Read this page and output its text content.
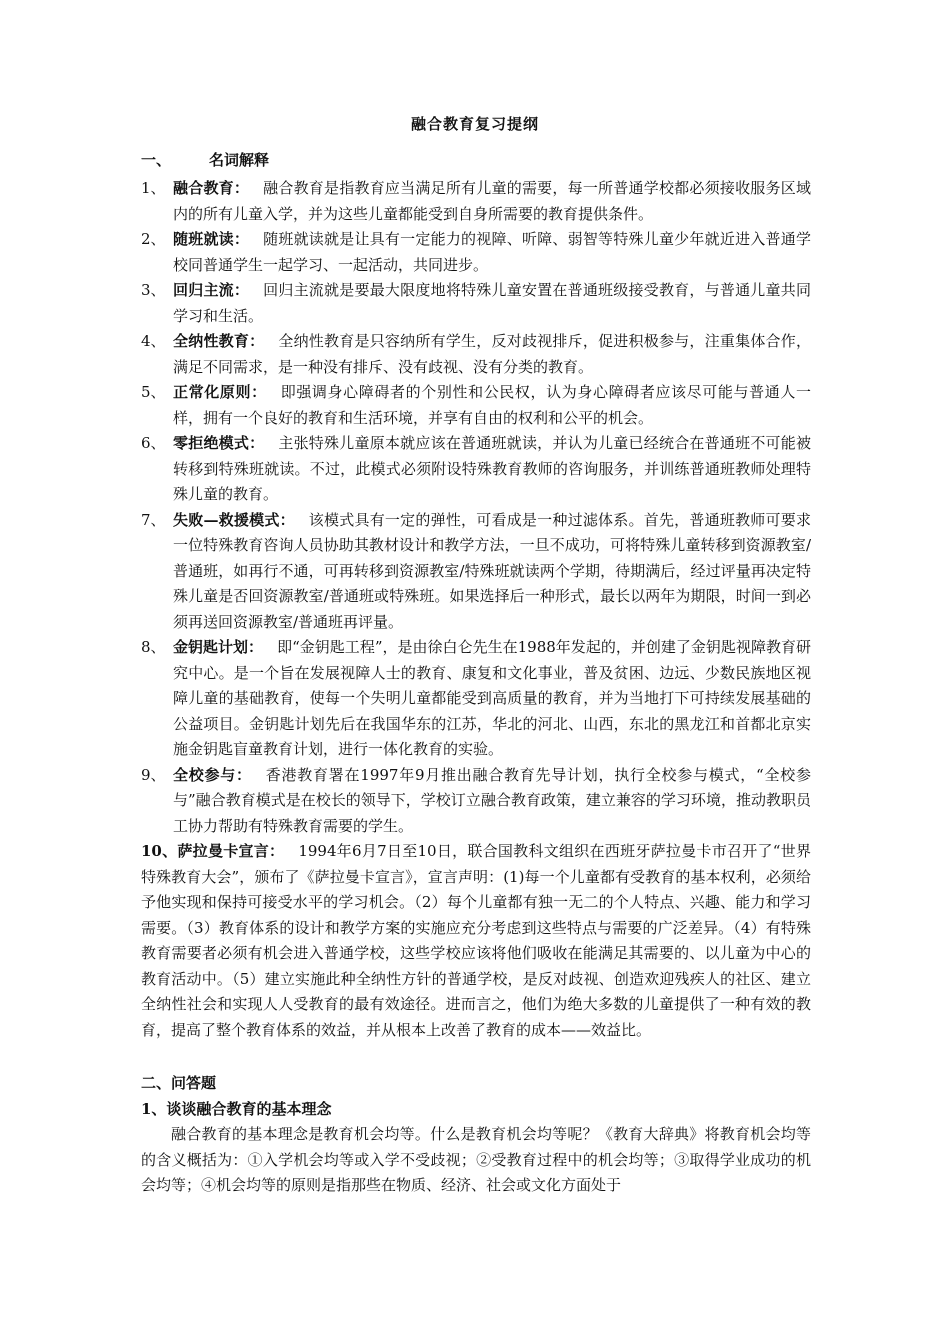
融合教育复习提纲
一、	名词解释
1、 融合教育： 融合教育是指教育应当满足所有儿童的需要，每一所普通学校都必须接收服务区域内的所有儿童入学，并为这些儿童都能受到自身所需要的教育提供条件。
2、 随班就读： 随班就读就是让具有一定能力的视障、听障、弱智等特殊儿童少年就近进入普通学校同普通学生一起学习、一起活动，共同进步。
3、 回归主流： 回归主流就是要最大限度地将特殊儿童安置在普通班级接受教育，与普通儿童共同学习和生活。
4、 全纳性教育： 全纳性教育是只容纳所有学生，反对歧视排斥，促进积极参与，注重集体合作，满足不同需求，是一种没有排斥、没有歧视、没有分类的教育。
5、 正常化原则： 即强调身心障碍者的个别性和公民权，认为身心障碍者应该尽可能与普通人一样，拥有一个良好的教育和生活环境，并享有自由的权利和公平的机会。
6、 零拒绝模式： 主张特殊儿童原本就应该在普通班就读，并认为儿童已经统合在普通班不可能被转移到特殊班就读。不过，此模式必须附设特殊教育教师的咨询服务，并训练普通班教师处理特殊儿童的教育。
7、 失败—救援模式： 该模式具有一定的弹性，可看成是一种过滤体系。首先，普通班教师可要求一位特殊教育咨询人员协助其教材设计和教学方法，一旦不成功，可将特殊儿童转移到资源教室/普通班，如再行不通，可再转移到资源教室/特殊班就读两个学期，待期满后，经过评量再决定特殊儿童是否回资源教室/普通班或特殊班。如果选择后一种形式，最长以两年为期限，时间一到必须再送回资源教室/普通班再评量。
8、 金钥匙计划： 即“金钥匙工程”，是由徐白仑先生在1988年发起的，并创建了金钥匙视障教育研究中心。是一个旨在发展视障人士的教育、康复和文化事业，普及贫困、边远、少数民族地区视障儿童的基础教育，使每一个失明儿童都能受到高质量的教育，并为当地打下可持续发展基础的公益项目。金钥匙计划先后在我国华东的江苏，华北的河北、山西，东北的黑龙江和首都北京实施金钥匙盲童教育计划，进行一体化教育的实验。
9、 全校参与： 香港教育署在1997年9月推出融合教育先导计划，执行全校参与模式，“全校参与”融合教育模式是在校长的领导下，学校订立融合教育政策，建立兼容的学习环境，推动教职员工协力帮助有特殊教育需要的学生。
10、萨拉曼卡宣言： 1994年6月7日至10日，联合国教科文组织在西班牙萨拉曼卡市召开了“世界特殊教育大会”，颁布了《萨拉曼卡宣言》，宣言声明：(1)每一个儿童都有受教育的基本权利，必须给予他实现和保持可接受水平的学习机会。（2）每个儿童都有独一无二的个人特点、兴趣、能力和学习需要。（3）教育体系的设计和教学方案的实施应充分考虑到这些特点与需要的广泛差异。（4）有特殊教育需要者必须有机会进入普通学校，这些学校应该将他们吸收在能满足其需要的、以儿童为中心的教育活动中。（5）建立实施此种全纳性方针的普通学校，是反对歧视、创造欢迎残疾人的社区、建立全纳性社会和实现人人受教育的最有效途径。进而言之，他们为绝大多数的儿童提供了一种有效的教育，提高了整个教育体系的效益，并从根本上改善了教育的成本——效益比。
二、问答题
1、谈谈融合教育的基本理念
融合教育的基本理念是教育机会均等。什么是教育机会均等呢？《教育大辞典》将教育机会均等的含义概括为：①入学机会均等或入学不受歧视；②受教育过程中的机会均等；③取得学业成功的机会均等；④机会均等的原则是指那些在物质、经济、社会或文化方面处于
